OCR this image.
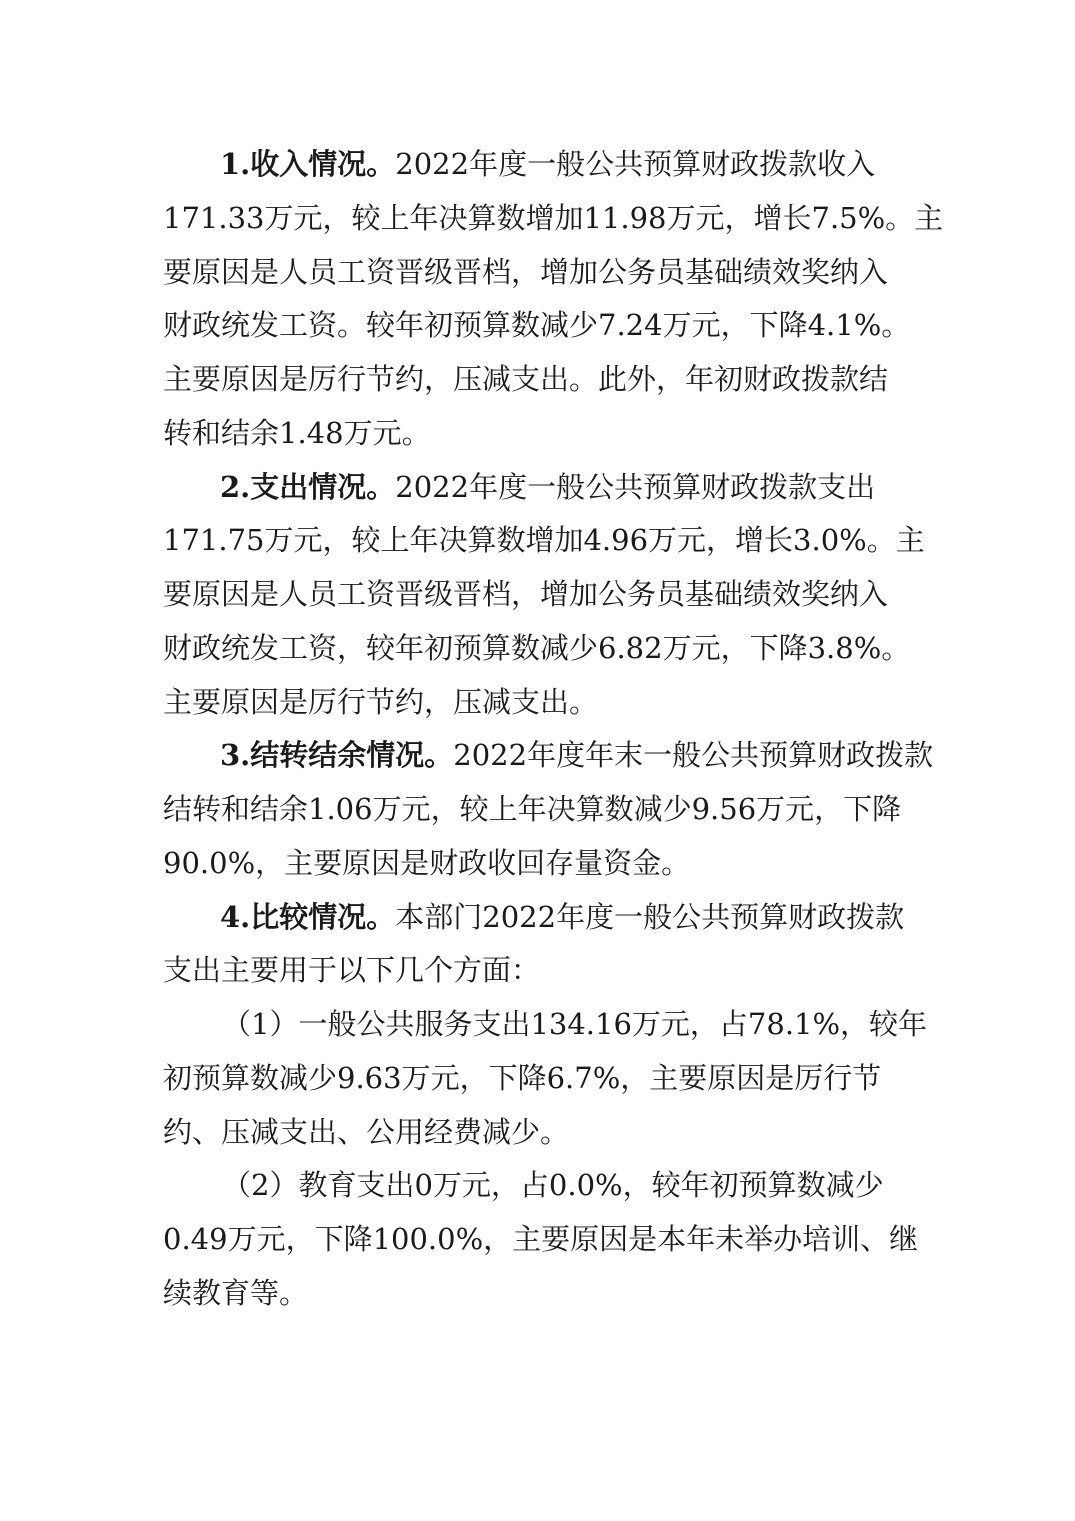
1.收入情况。2022年度一般公共预算财政拨款收入
171.33万元，较上年决算数增加11.98万元，增长7.5%。主
要原因是人员工资晋级晋档，增加公务员基础绩效奖纳入
财政统发工资。较年初预算数减少7.24万元，下降4.1%。
主要原因是厉行节约，压减支出。此外，年初财政拨款结
转和结余1.48万元。
2.支出情况。2022年度一般公共预算财政拨款支出
171.75万元，较上年决算数增加4.96万元，增长3.0%。主
要原因是人员工资晋级晋档，增加公务员基础绩效奖纳入
财政统发工资，较年初预算数减少6.82万元，下降3.8%。
主要原因是厉行节约，压减支出。
3.结转结余情况。2022年度年末一般公共预算财政拨款
结转和结余1.06万元，较上年决算数减少9.56万元，下降
90.0%，主要原因是财政收回存量资金。
4.比较情况。本部门2022年度一般公共预算财政拨款
支出主要用于以下几个方面：
（1）一般公共服务支出134.16万元，占78.1%，较年
初预算数减少9.63万元，下降6.7%，主要原因是厉行节
约、压减支出、公用经费减少。
（2）教育支出0万元，占0.0%，较年初预算数减少
0.49万元，下降100.0%，主要原因是本年未举办培训、继
续教育等。
